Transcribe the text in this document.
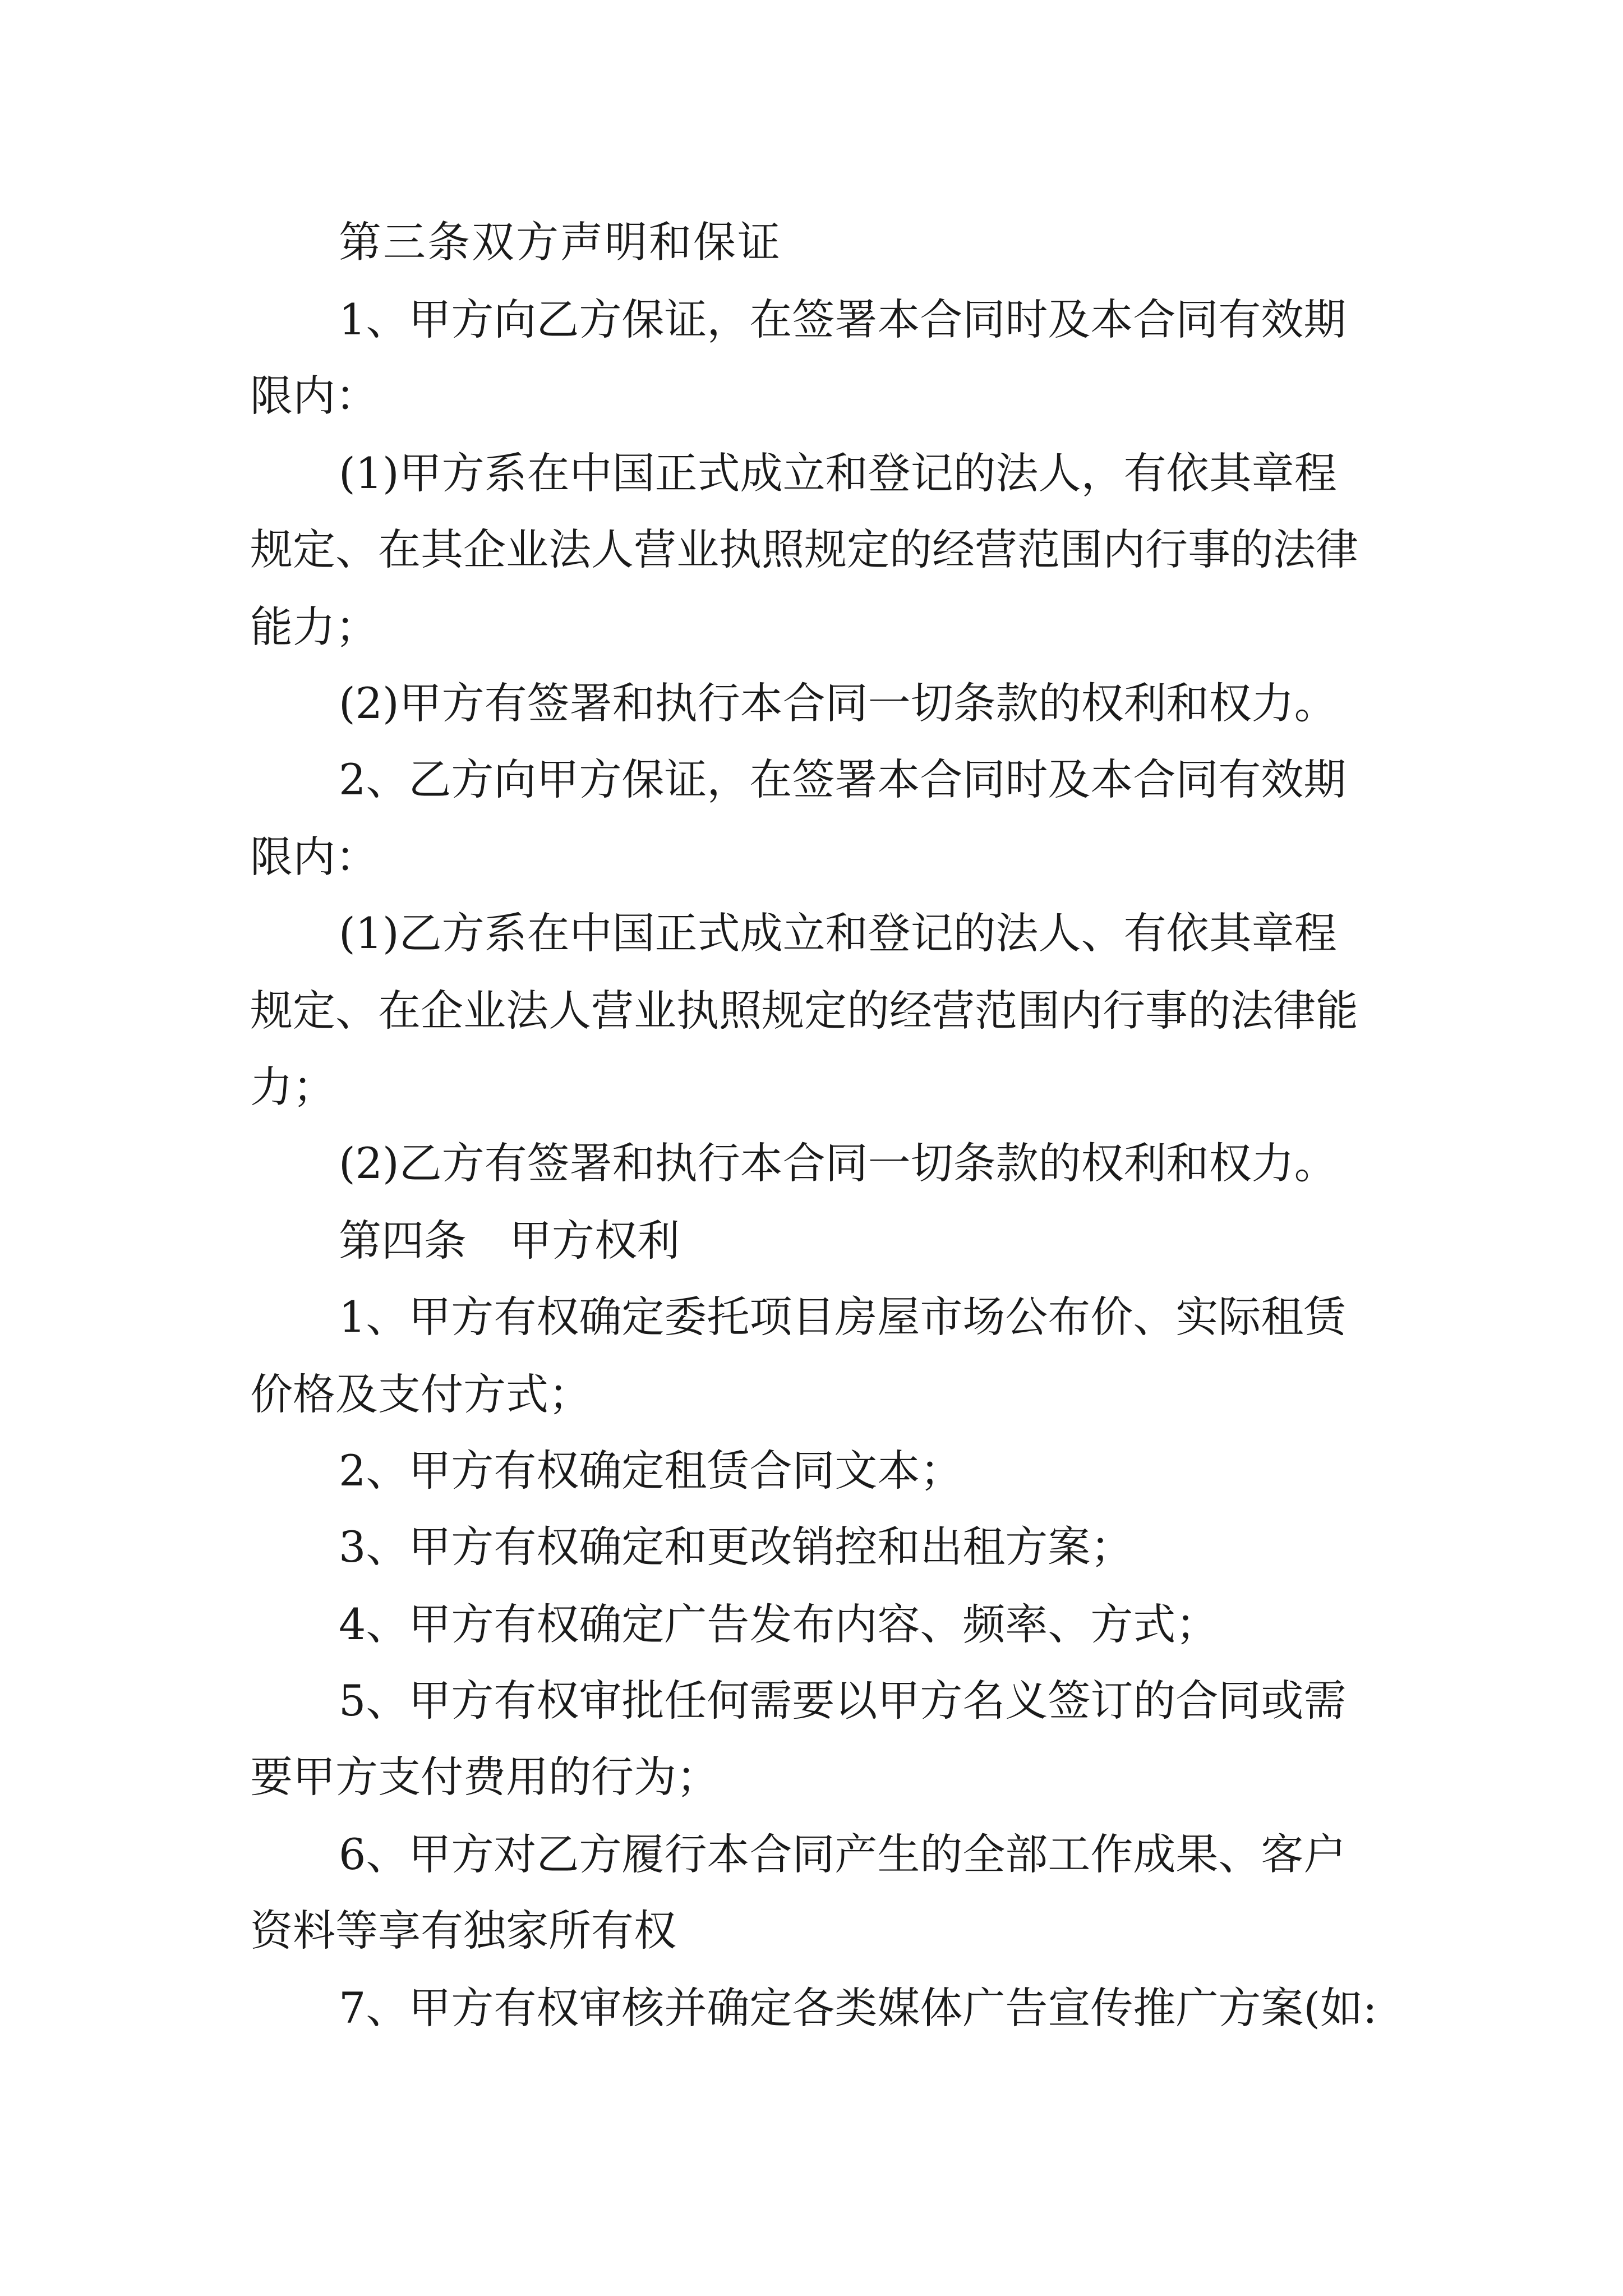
第三条双方声明和保证
1、甲方向乙方保证，在签署本合同时及本合同有效期
限内：
(1)甲方系在中国正式成立和登记的法人，有依其章程
规定、在其企业法人营业执照规定的经营范围内行事的法律
能力；
(2)甲方有签署和执行本合同一切条款的权利和权力。
2、乙方向甲方保证，在签署本合同时及本合同有效期
限内：
(1)乙方系在中国正式成立和登记的法人、有依其章程
规定、在企业法人营业执照规定的经营范围内行事的法律能
力；
(2)乙方有签署和执行本合同一切条款的权利和权力。
第四条　甲方权利
1、甲方有权确定委托项目房屋市场公布价、实际租赁
价格及支付方式；
2、甲方有权确定租赁合同文本；
3、甲方有权确定和更改销控和出租方案；
4、甲方有权确定广告发布内容、频率、方式；
5、甲方有权审批任何需要以甲方名义签订的合同或需
要甲方支付费用的行为；
6、甲方对乙方履行本合同产生的全部工作成果、客户
资料等享有独家所有权
7、甲方有权审核并确定各类媒体广告宣传推广方案(如:
